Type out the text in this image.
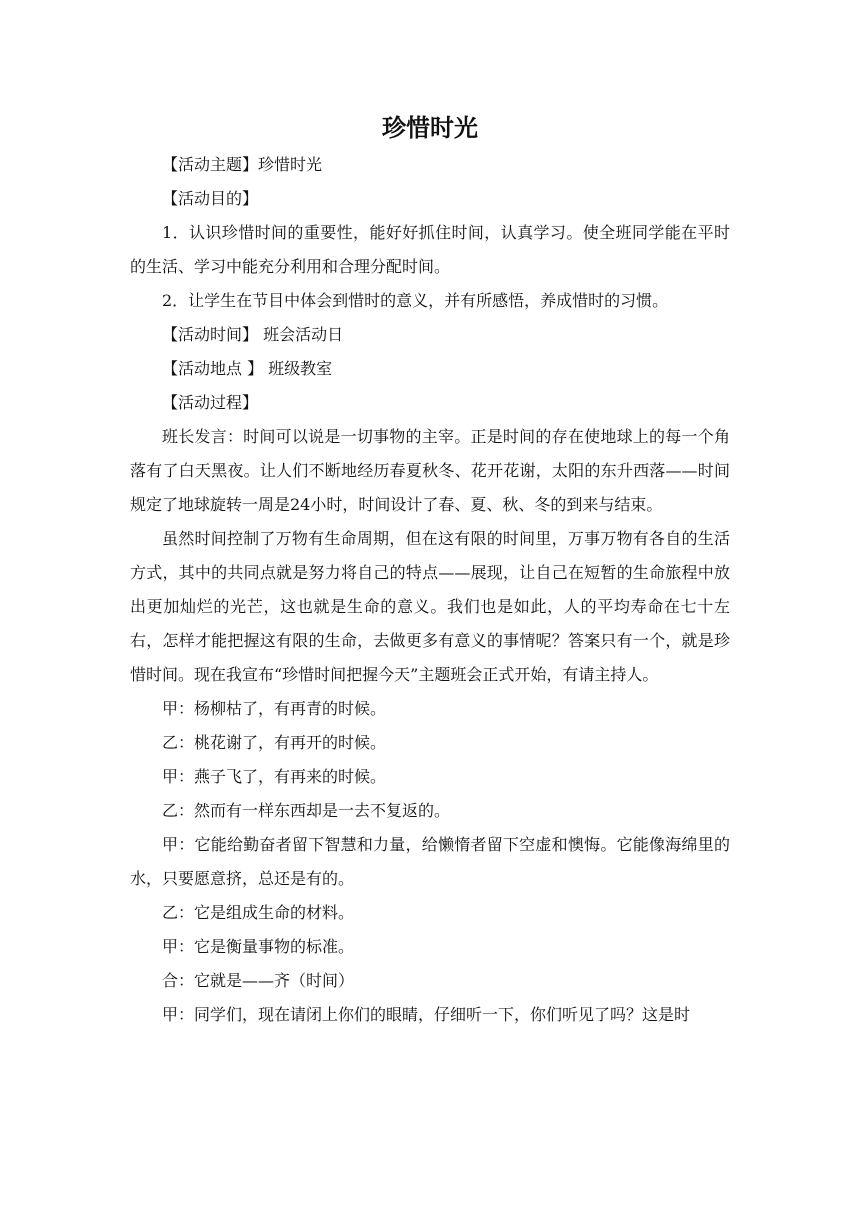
珍惜时光

【活动主题】珍惜时光

【活动目的】

1．认识珍惜时间的重要性，能好好抓住时间，认真学习。使全班同学能在平时的生活、学习中能充分利用和合理分配时间。

2．让学生在节目中体会到惜时的意义，并有所感悟，养成惜时的习惯。

【活动时间】 班会活动日

【活动地点 】 班级教室

【活动过程】

班长发言：时间可以说是一切事物的主宰。正是时间的存在使地球上的每一个角落有了白天黑夜。让人们不断地经历春夏秋冬、花开花谢，太阳的东升西落——时间规定了地球旋转一周是24小时，时间设计了春、夏、秋、冬的到来与结束。

虽然时间控制了万物有生命周期，但在这有限的时间里，万事万物有各自的生活方式，其中的共同点就是努力将自己的特点——展现，让自己在短暂的生命旅程中放出更加灿烂的光芒，这也就是生命的意义。我们也是如此，人的平均寿命在七十左右，怎样才能把握这有限的生命，去做更多有意义的事情呢？答案只有一个，就是珍惜时间。现在我宣布“珍惜时间把握今天”主题班会正式开始，有请主持人。

甲：杨柳枯了，有再青的时候。

乙：桃花谢了，有再开的时候。

甲：燕子飞了，有再来的时候。

乙：然而有一样东西却是一去不复返的。

甲：它能给勤奋者留下智慧和力量，给懒惰者留下空虚和懊悔。它能像海绵里的水，只要愿意挤，总还是有的。

乙：它是组成生命的材料。

甲：它是衡量事物的标准。

合：它就是——齐（时间）

甲：同学们，现在请闭上你们的眼睛，仔细听一下，你们听见了吗？这是时
